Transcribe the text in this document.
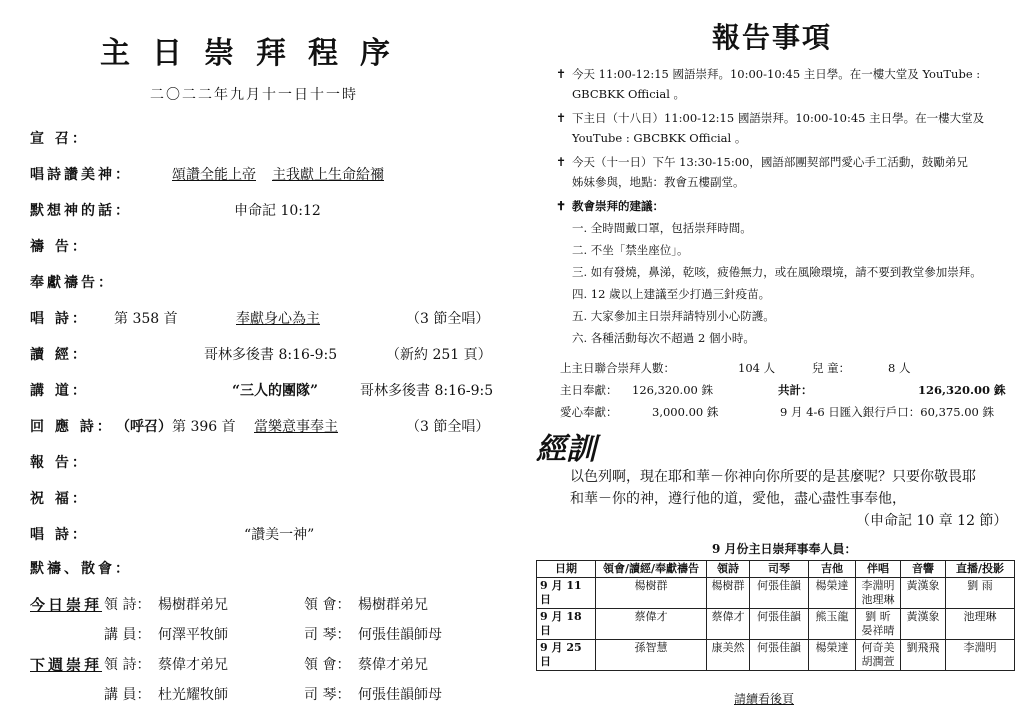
主日崇拜程序
二〇二二年九月十一日十一時
宣 召：
唱詩讚美神：	頌讚全能上帝 主我獻上生命給禰
默想神的話：	申命記 10:12
禱 告：
奉獻禱告：
唱 詩： 第 358 首	奉獻身心為主	（3 節全唱）
讀 經：	哥林多後書 8:16-9:5	（新約 251 頁）
講 道：	“三人的團隊”	哥林多後書 8:16-9:5
回 應 詩： （呼召） 第 396 首 當樂意事奉主	（3 節全唱）
報 告：
祝 福：
唱 詩：	“讚美一神”
默禱、散會：
今日崇拜 領 詩： 楊樹群弟兄	領 會： 楊樹群弟兄
講 員： 何澤平牧師	司 琴： 何張佳韻師母
下週崇拜 領 詩： 蔡偉才弟兄	領 會： 蔡偉才弟兄
講 員： 杜光耀牧師	司 琴： 何張佳韻師母
報告事項
✝ 今天 11:00-12:15 國語崇拜。10:00-10:45 主日學。在一樓大堂及 YouTube :
GBCBKK Official 。
✝ 下主日（十八日）11:00-12:15 國語崇拜。10:00-10:45 主日學。在一樓大堂及
YouTube : GBCBKK Official 。
✝ 今天（十一日）下午 13:30-15:00，國語部團契部門愛心手工活動，鼓勵弟兄
姊妹參與，地點：教會五樓副堂。
✝ 教會崇拜的建議：
一. 全時間戴口罩，包括崇拜時間。
二. 不坐「禁坐座位」。
三. 如有發燒，鼻涕，乾咳，疲倦無力，或在風險環境，請不要到教堂參加崇拜。
四. 12 歲以上建議至少打過三針疫苗。
五. 大家參加主日崇拜請特別小心防護。
六. 各種活動每次不超過 2 個小時。
上主日聯合崇拜人數：	104 人	兒 童：	8 人
主日奉獻： 126,320.00 銖	共計：	126,320.00 銖
愛心奉獻：	3,000.00 銖	9 月 4-6 日匯入銀行戶口：60,375.00 銖
經訓
以色列啊，現在耶和華－你神向你所要的是甚麼呢？只要你敬畏耶
和華－你的神，遵行他的道，愛他，盡心盡性事奉他，
（申命記 10 章 12 節）
9 月份主日崇拜事奉人員：
日期	領會/讀經/奉獻禱告	領詩	司琴	吉他	伴唱	音響	直播/投影
9 月 11 日	楊樹群	楊樹群	何張佳韻	楊榮達	李淵明 池理琳	黃漢象	劉 雨
9 月 18 日	蔡偉才	蔡偉才	何張佳韻	熊玉龍	劉 昕 晏祥晴	黃漢象	池理琳
9 月 25 日	孫智慧	康美然	何張佳韻	楊榮達	何奇美 胡潤萱	劉飛飛	李淵明
請續看後頁
